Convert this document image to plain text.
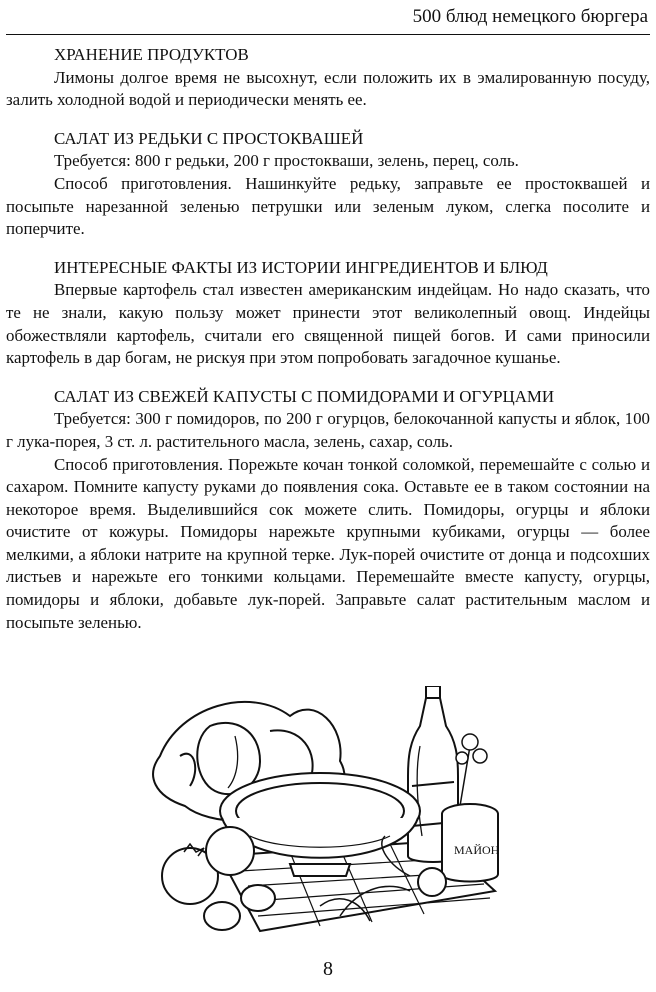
500 блюд немецкого бюргера
ХРАНЕНИЕ ПРОДУКТОВ

Лимоны долгое время не высохнут, если положить их в эмалированную посуду, залить холодной водой и периодически менять ее.

САЛАТ ИЗ РЕДЬКИ С ПРОСТОКВАШЕЙ

Требуется: 800 г редьки, 200 г простокваши, зелень, перец, соль.

Способ приготовления. Нашинкуйте редьку, заправьте ее простоквашей и посыпьте нарезанной зеленью петрушки или зеленым луком, слегка посолите и поперчите.

ИНТЕРЕСНЫЕ ФАКТЫ ИЗ ИСТОРИИ ИНГРЕДИЕНТОВ И БЛЮД

Впервые картофель стал известен американским индейцам. Но надо сказать, что те не знали, какую пользу может принести этот великолепный овощ. Индейцы обожествляли картофель, считали его священной пищей богов. И сами приносили картофель в дар богам, не рискуя при этом попробовать загадочное кушанье.

САЛАТ ИЗ СВЕЖЕЙ КАПУСТЫ С ПОМИДОРАМИ И ОГУРЦАМИ

Требуется: 300 г помидоров, по 200 г огурцов, белокочанной капусты и яблок, 100 г лука-порея, 3 ст. л. растительного масла, зелень, сахар, соль.

Способ приготовления. Порежьте кочан тонкой соломкой, перемешайте с солью и сахаром. Помните капусту руками до появления сока. Оставьте ее в таком состоянии на некоторое время. Выделившийся сок можете слить. Помидоры, огурцы и яблоки очистите от кожуры. Помидоры нарежьте крупными кубиками, огурцы — более мелкими, а яблоки натрите на крупной терке. Лук-порей очистите от донца и подсохших листьев и нарежьте его тонкими кольцами. Перемешайте вместе капусту, огурцы, помидоры и яблоки, добавьте лук-порей. Заправьте салат растительным маслом и посыпьте зеленью.

МАЙОН
8
